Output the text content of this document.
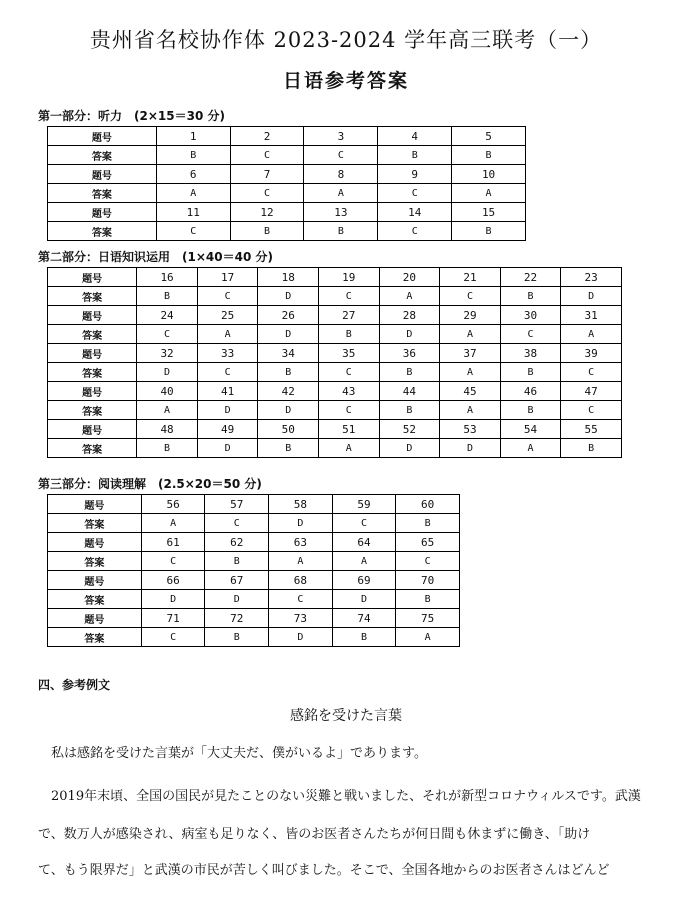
贵州省名校协作体 2023-2024 学年高三联考（一）
日语参考答案
第一部分：听力　(2×15＝30 分)
题号	1	2	3	4	5
答案	B	C	C	B	B
题号	6	7	8	9	10
答案	A	C	A	C	A
题号	11	12	13	14	15
答案	C	B	B	C	B
第二部分：日语知识运用　(1×40＝40 分)
题号	16	17	18	19	20	21	22	23
答案	B	C	D	C	A	C	B	D
题号	24	25	26	27	28	29	30	31
答案	C	A	D	B	D	A	C	A
题号	32	33	34	35	36	37	38	39
答案	D	C	B	C	B	A	B	C
题号	40	41	42	43	44	45	46	47
答案	A	D	D	C	B	A	B	C
题号	48	49	50	51	52	53	54	55
答案	B	D	B	A	D	D	A	B
第三部分：阅读理解　(2.5×20＝50 分)
题号	56	57	58	59	60
答案	A	C	D	C	B
题号	61	62	63	64	65
答案	C	B	A	A	C
题号	66	67	68	69	70
答案	D	D	C	D	B
题号	71	72	73	74	75
答案	C	B	D	B	A
四、参考例文
感銘を受けた言葉
　私は感銘を受けた言葉が「大丈夫だ、僕がいるよ」であります。
　2019年末頃、全国の国民が見たことのない災難と戦いました、それが新型コロナウィルスです。武漢
で、数万人が感染され、病室も足りなく、皆のお医者さんたちが何日間も休まずに働き、「助け
て、もう限界だ」と武漢の市民が苦しく叫びました。そこで、全国各地からのお医者さんはどんど
